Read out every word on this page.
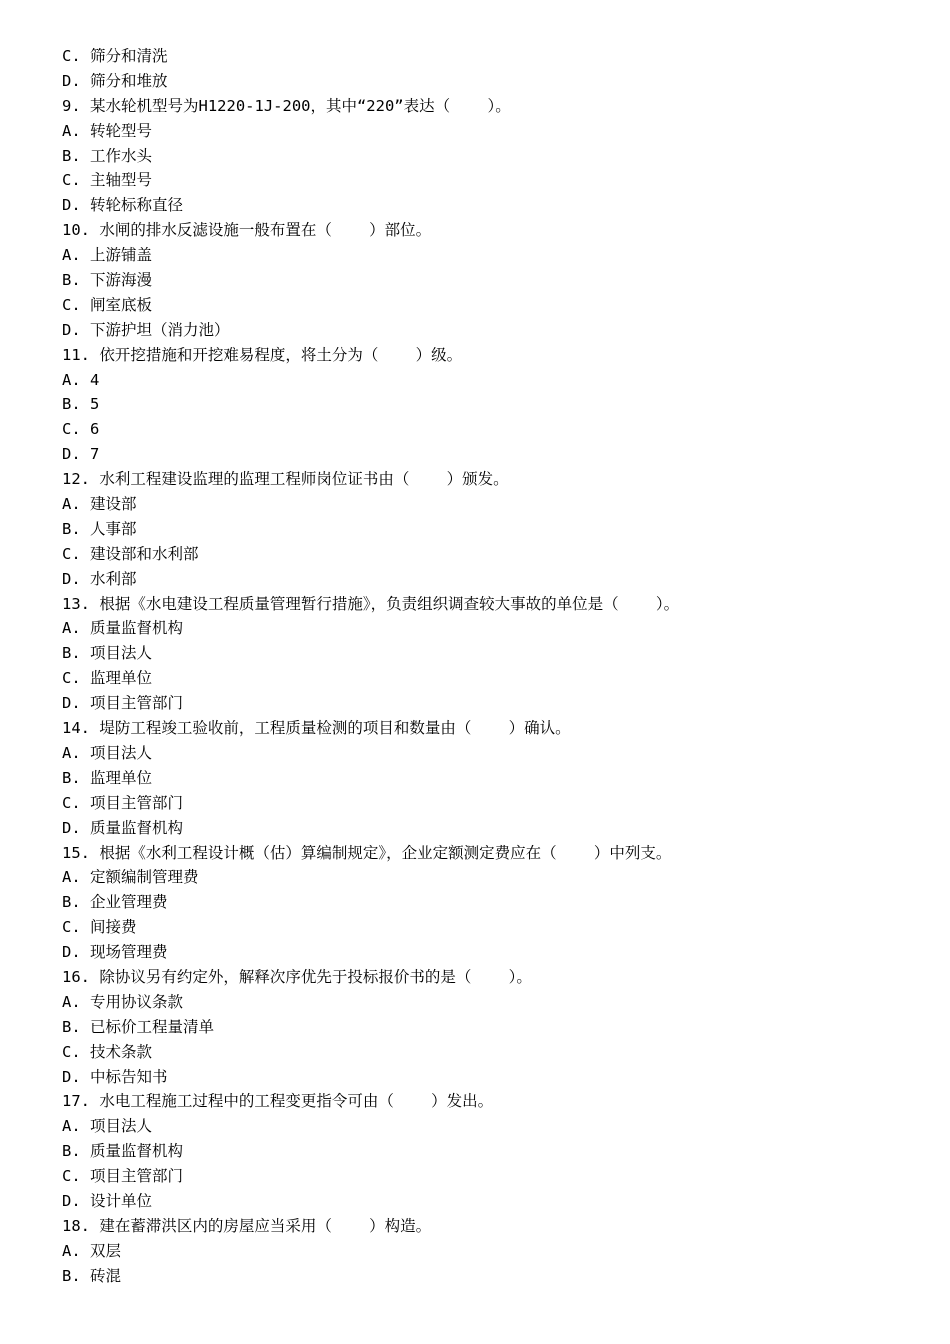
C. 筛分和清洗
D. 筛分和堆放
9. 某水轮机型号为H1220-1J-200，其中“220”表达（    ）。
A. 转轮型号
B. 工作水头
C. 主轴型号
D. 转轮标称直径
10. 水闸的排水反滤设施一般布置在（    ）部位。
A. 上游铺盖
B. 下游海漫
C. 闸室底板
D. 下游护坦（消力池）
11. 依开挖措施和开挖难易程度，将土分为（    ）级。
A. 4
B. 5
C. 6
D. 7
12. 水利工程建设监理的监理工程师岗位证书由（    ）颁发。
A. 建设部
B. 人事部
C. 建设部和水利部
D. 水利部
13. 根据《水电建设工程质量管理暂行措施》，负责组织调查较大事故的单位是（    ）。
A. 质量监督机构
B. 项目法人
C. 监理单位
D. 项目主管部门
14. 堤防工程竣工验收前，工程质量检测的项目和数量由（    ）确认。
A. 项目法人
B. 监理单位
C. 项目主管部门
D. 质量监督机构
15. 根据《水利工程设计概（估）算编制规定》，企业定额测定费应在（    ）中列支。
A. 定额编制管理费
B. 企业管理费
C. 间接费
D. 现场管理费
16. 除协议另有约定外，解释次序优先于投标报价书的是（    ）。
A. 专用协议条款
B. 已标价工程量清单
C. 技术条款
D. 中标告知书
17. 水电工程施工过程中的工程变更指令可由（    ）发出。
A. 项目法人
B. 质量监督机构
C. 项目主管部门
D. 设计单位
18. 建在蓄滞洪区内的房屋应当采用（    ）构造。
A. 双层
B. 砖混
